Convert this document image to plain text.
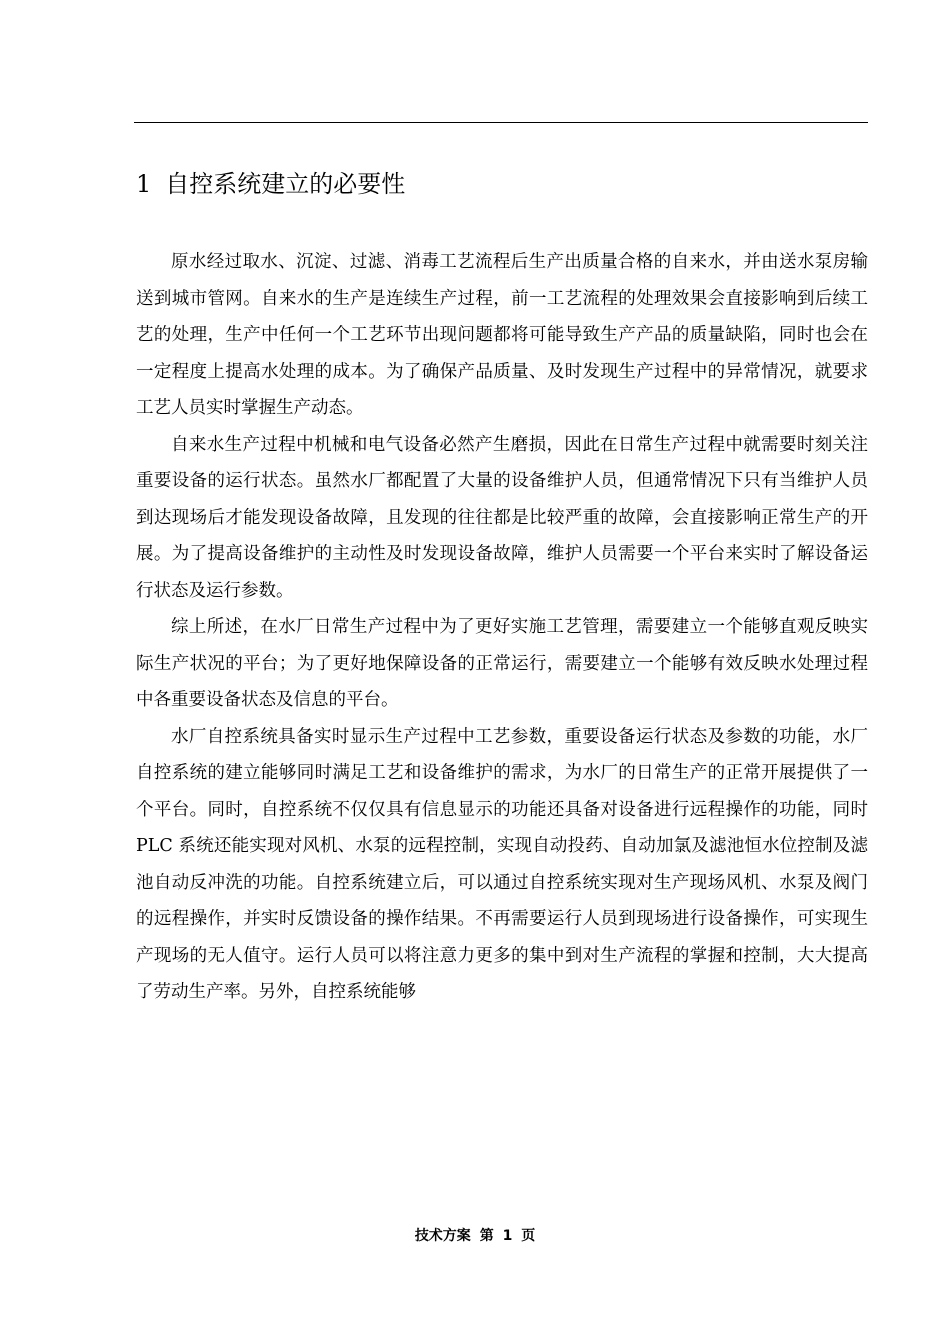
1 自控系统建立的必要性

原水经过取水、沉淀、过滤、消毒工艺流程后生产出质量合格的自来水，并由送水泵房输送到城市管网。自来水的生产是连续生产过程，前一工艺流程的处理效果会直接影响到后续工艺的处理，生产中任何一个工艺环节出现问题都将可能导致生产产品的质量缺陷，同时也会在一定程度上提高水处理的成本。为了确保产品质量、及时发现生产过程中的异常情况，就要求工艺人员实时掌握生产动态。

自来水生产过程中机械和电气设备必然产生磨损，因此在日常生产过程中就需要时刻关注重要设备的运行状态。虽然水厂都配置了大量的设备维护人员，但通常情况下只有当维护人员到达现场后才能发现设备故障，且发现的往往都是比较严重的故障，会直接影响正常生产的开展。为了提高设备维护的主动性及时发现设备故障，维护人员需要一个平台来实时了解设备运行状态及运行参数。

综上所述，在水厂日常生产过程中为了更好实施工艺管理，需要建立一个能够直观反映实际生产状况的平台；为了更好地保障设备的正常运行，需要建立一个能够有效反映水处理过程中各重要设备状态及信息的平台。

水厂自控系统具备实时显示生产过程中工艺参数，重要设备运行状态及参数的功能，水厂自控系统的建立能够同时满足工艺和设备维护的需求，为水厂的日常生产的正常开展提供了一个平台。同时，自控系统不仅仅具有信息显示的功能还具备对设备进行远程操作的功能，同时 PLC 系统还能实现对风机、水泵的远程控制，实现自动投药、自动加氯及滤池恒水位控制及滤池自动反冲洗的功能。自控系统建立后，可以通过自控系统实现对生产现场风机、水泵及阀门的远程操作，并实时反馈设备的操作结果。不再需要运行人员到现场进行设备操作，可实现生产现场的无人值守。运行人员可以将注意力更多的集中到对生产流程的掌握和控制，大大提高了劳动生产率。另外，自控系统能够

技术方案 第 1 页
